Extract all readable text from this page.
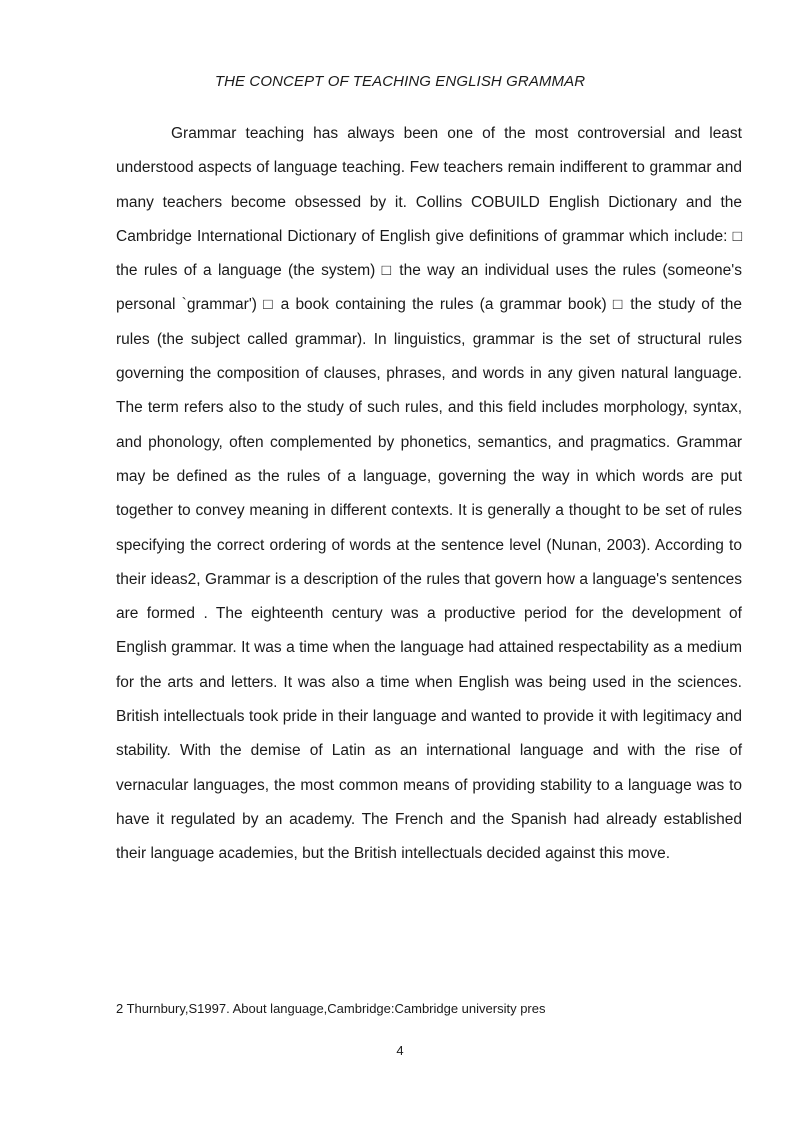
THE CONCEPT OF TEACHING ENGLISH GRAMMAR

Grammar teaching has always been one of the most controversial and least understood aspects of language teaching. Few teachers remain indifferent to grammar and many teachers become obsessed by it. Collins COBUILD English Dictionary and the Cambridge International Dictionary of English give definitions of grammar which include: □ the rules of a language (the system) □ the way an individual uses the rules (someone's personal `grammar') □ a book containing the rules (a grammar book) □ the study of the rules (the subject called grammar). In linguistics, grammar is the set of structural rules governing the composition of clauses, phrases, and words in any given natural language. The term refers also to the study of such rules, and this field includes morphology, syntax, and phonology, often complemented by phonetics, semantics, and pragmatics. Grammar may be defined as the rules of a language, governing the way in which words are put together to convey meaning in different contexts. It is generally a thought to be set of rules specifying the correct ordering of words at the sentence level (Nunan, 2003). According to their ideas2, Grammar is a description of the rules that govern how a language's sentences are formed . The eighteenth century was a productive period for the development of English grammar. It was a time when the language had attained respectability as a medium for the arts and letters. It was also a time when English was being used in the sciences. British intellectuals took pride in their language and wanted to provide it with legitimacy and stability. With the demise of Latin as an international language and with the rise of vernacular languages, the most common means of providing stability to a language was to have it regulated by an academy. The French and the Spanish had already established their language academies, but the British intellectuals decided against this move.

2 Thurnbury,S1997. About language,Cambridge:Cambridge university pres
4
